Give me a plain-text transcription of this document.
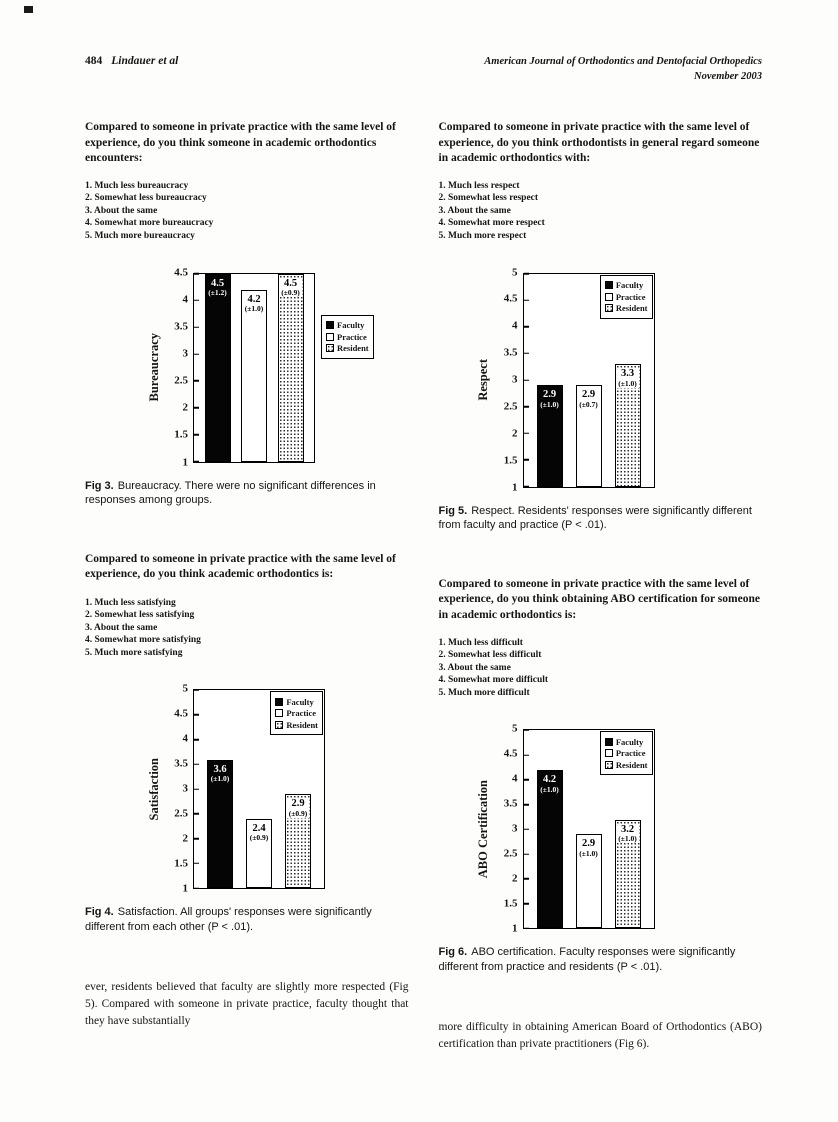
484 Lindauer et al	American Journal of Orthodontics and Dentofacial Orthopedics
November 2003

Compared to someone in private practice with the same level of experience, do you think someone in academic orthodontics encounters:

1. Much less bureaucracy
2. Somewhat less bureaucracy
3. About the same
4. Somewhat more bureaucracy
5. Much more bureaucracy
Bureaucracy
1
1.5
2
2.5
3
3.5
4
4.5
4.5
(±1.2)
4.2
(±1.0)
4.5
(±0.9)
Faculty
Practice
Resident

Fig 3. Bureaucracy. There were no significant differences in responses among groups.

Compared to someone in private practice with the same level of experience, do you think academic orthodontics is:

1. Much less satisfying
2. Somewhat less satisfying
3. About the same
4. Somewhat more satisfying
5. Much more satisfying
Satisfaction
1
1.5
2
2.5
3
3.5
4
4.5
5
3.6
(±1.0)
2.4
(±0.9)
2.9
(±0.9)
Faculty
Practice
Resident

Fig 4. Satisfaction. All groups' responses were significantly different from each other (P < .01).

ever, residents believed that faculty are slightly more respected (Fig 5). Compared with someone in private practice, faculty thought that they have substantially

Compared to someone in private practice with the same level of experience, do you think orthodontists in general regard someone in academic orthodontics with:

1. Much less respect
2. Somewhat less respect
3. About the same
4. Somewhat more respect
5. Much more respect
Respect
1
1.5
2
2.5
3
3.5
4
4.5
5
2.9
(±1.0)
2.9
(±0.7)
3.3
(±1.0)
Faculty
Practice
Resident

Fig 5. Respect. Residents' responses were significantly different from faculty and practice (P < .01).

Compared to someone in private practice with the same level of experience, do you think obtaining ABO certification for someone in academic orthodontics is:

1. Much less difficult
2. Somewhat less difficult
3. About the same
4. Somewhat more difficult
5. Much more difficult
ABO Certification
1
1.5
2
2.5
3
3.5
4
4.5
5
4.2
(±1.0)
2.9
(±1.0)
3.2
(±1.0)
Faculty
Practice
Resident

Fig 6. ABO certification. Faculty responses were significantly different from practice and residents (P < .01).

more difficulty in obtaining American Board of Orthodontics (ABO) certification than private practitioners (Fig 6).
